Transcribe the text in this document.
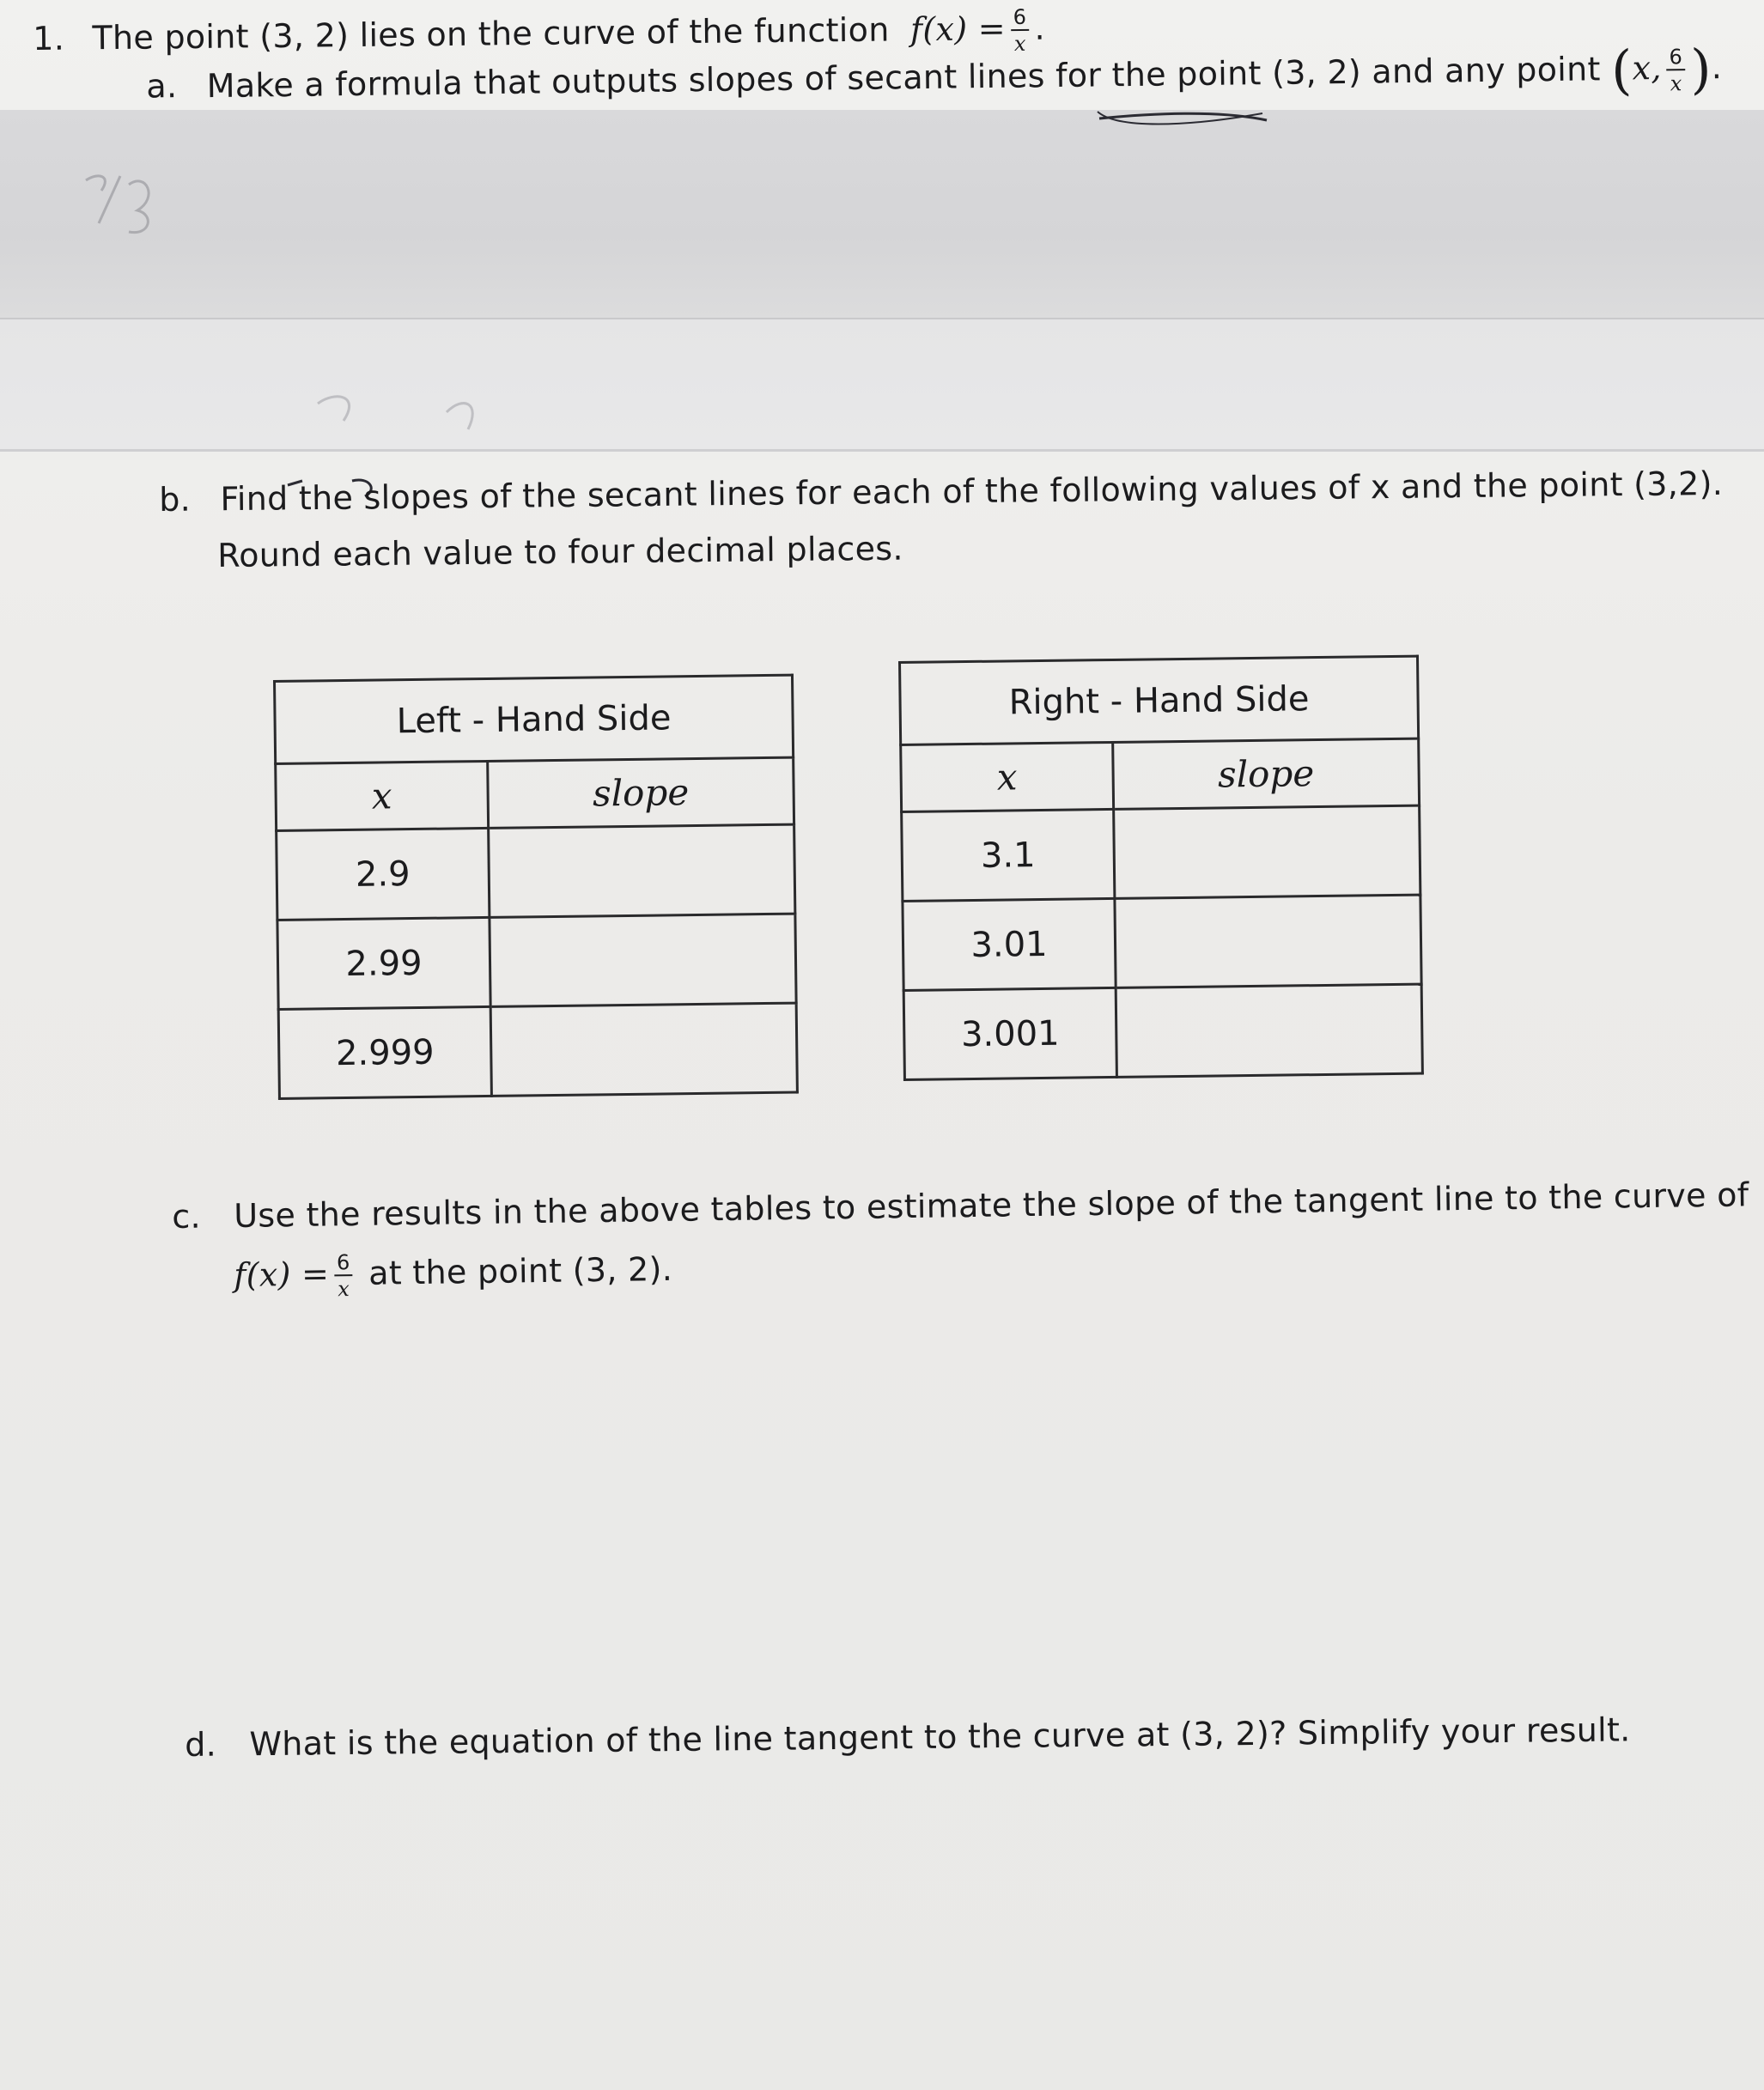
1. The point (3, 2) lies on the curve of the function $f(x) = \frac{6}{x}$ .
a. Make a formula that outputs slopes of secant lines for the point (3, 2) and any point (x, $\frac{6}{x}$ ).
b. Find the slopes of the secant lines for each of the following values of x and the point (3,2).
Round each value to four decimal places.
Left - Hand Side	
x	slope
2.9	
2.99	
2.999	
Right - Hand Side	
x	slope
3.1	
3.01	
3.001	
c. Use the results in the above tables to estimate the slope of the tangent line to the curve of
$f(x) = \frac{6}{x}$ at the point (3, 2).
d. What is the equation of the line tangent to the curve at (3, 2)? Simplify your result.
